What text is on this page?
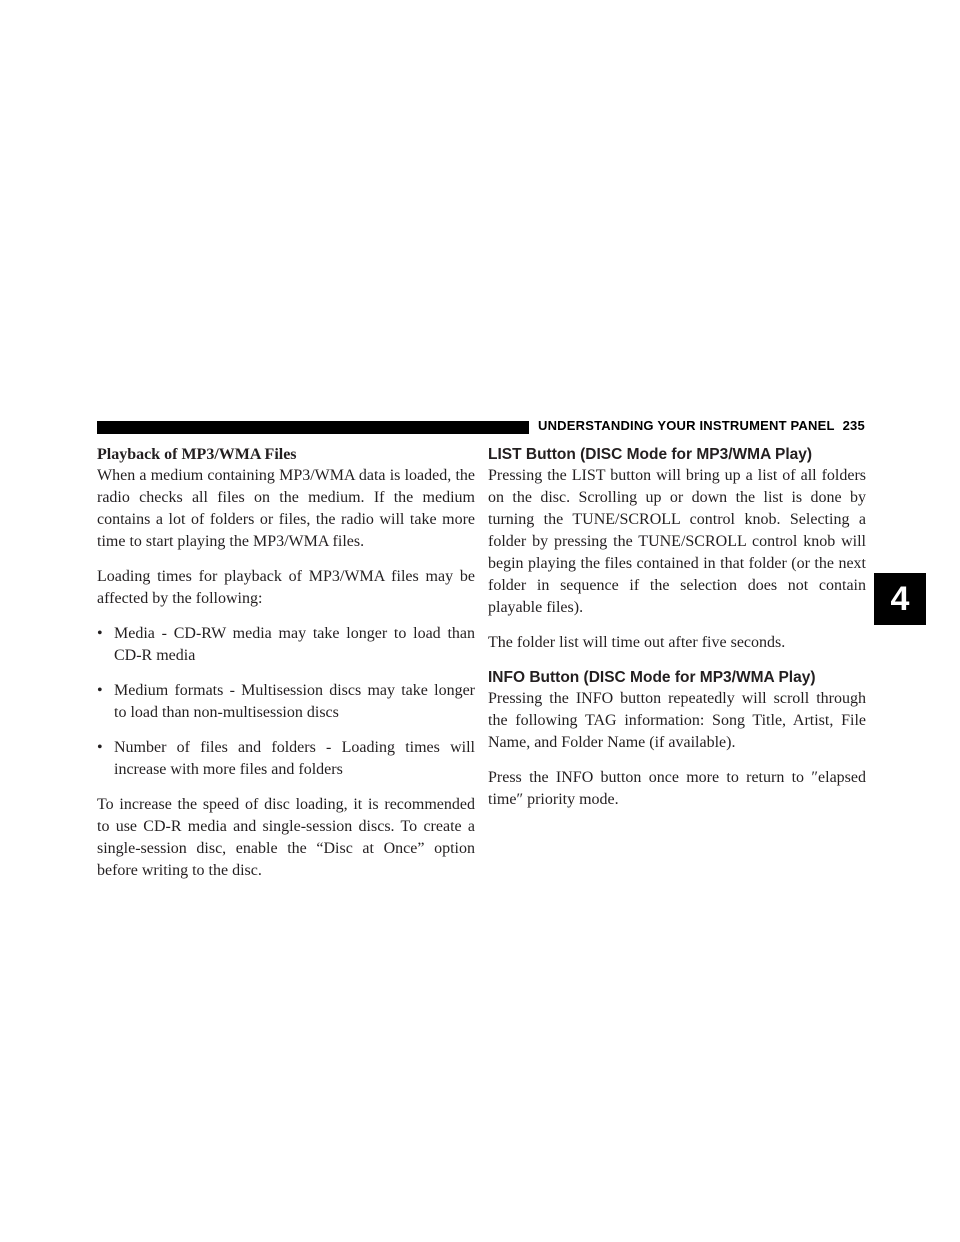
UNDERSTANDING YOUR INSTRUMENT PANEL 235
4
Playback of MP3/WMA Files

When a medium containing MP3/WMA data is loaded, the radio checks all files on the medium. If the medium contains a lot of folders or files, the radio will take more time to start playing the MP3/WMA files.

Loading times for playback of MP3/WMA files may be affected by the following:

• Media - CD-RW media may take longer to load than CD-R media
• Medium formats - Multisession discs may take longer to load than non-multisession discs
• Number of files and folders - Loading times will increase with more files and folders

To increase the speed of disc loading, it is recommended to use CD-R media and single-session discs. To create a single-session disc, enable the “Disc at Once” option before writing to the disc.

LIST Button (DISC Mode for MP3/WMA Play)

Pressing the LIST button will bring up a list of all folders on the disc. Scrolling up or down the list is done by turning the TUNE/SCROLL control knob. Selecting a folder by pressing the TUNE/SCROLL control knob will begin playing the files contained in that folder (or the next folder in sequence if the selection does not contain playable files).

The folder list will time out after five seconds.

INFO Button (DISC Mode for MP3/WMA Play)

Pressing the INFO button repeatedly will scroll through the following TAG information: Song Title, Artist, File Name, and Folder Name (if available).

Press the INFO button once more to return to ″elapsed time″ priority mode.
